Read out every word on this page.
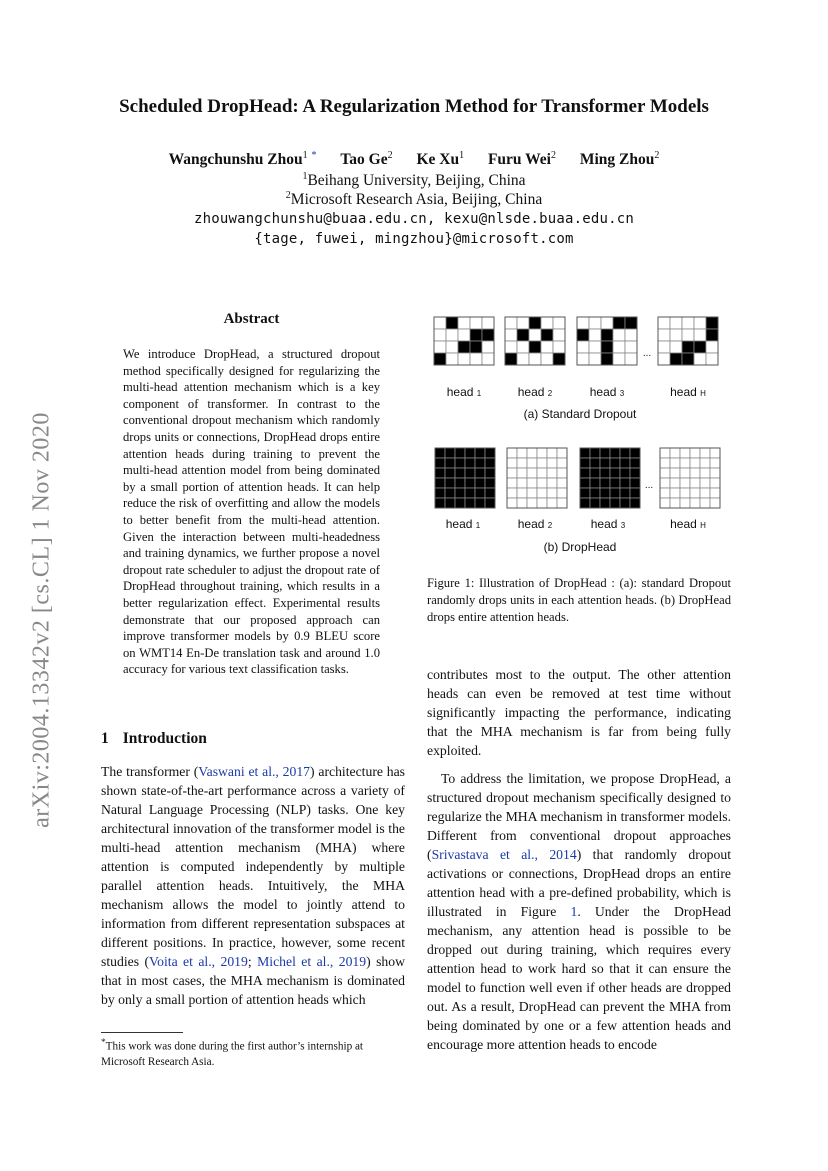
Scheduled DropHead: A Regularization Method for Transformer Models
Wangchunshu Zhou$^1$ * Tao Ge$^2$ Ke Xu$^1$ Furu Wei$^2$ Ming Zhou$^2$
$^1$Beihang University, Beijing, China
$^2$Microsoft Research Asia, Beijing, China
zhouwangchunshu@buaa.edu.cn, kexu@nlsde.buaa.edu.cn
{tage, fuwei, mingzhou}@microsoft.com
arXiv:2004.13342v2 [cs.CL] 1 Nov 2020
Abstract
We introduce DropHead, a structured dropout method specifically designed for regularizing the multi-head attention mechanism which is a key component of transformer. In contrast to the conventional dropout mechanism which randomly drops units or connections, DropHead drops entire attention heads during training to prevent the multi-head attention model from being dominated by a small portion of attention heads. It can help reduce the risk of overfitting and allow the models to better benefit from the multi-head attention. Given the interaction between multi-headedness and training dynamics, we further propose a novel dropout rate scheduler to adjust the dropout rate of DropHead throughout training, which results in a better regularization effect. Experimental results demonstrate that our proposed approach can improve transformer models by 0.9 BLEU score on WMT14 En-De translation task and around 1.0 accuracy for various text classification tasks.
1 Introduction

The transformer (Vaswani et al., 2017) architecture has shown state-of-the-art performance across a variety of Natural Language Processing (NLP) tasks. One key architectural innovation of the transformer model is the multi-head attention mechanism (MHA) where attention is computed independently by multiple parallel attention heads. Intuitively, the MHA mechanism allows the model to jointly attend to information from different representation subspaces at different positions. In practice, however, some recent studies (Voita et al., 2019; Michel et al., 2019) show that in most cases, the MHA mechanism is dominated by only a small portion of attention heads which

*This work was done during the first author’s internship at Microsoft Research Asia.
head 1	head 2	head 3	head H
...
(a) Standard Dropout
head 1	head 2	head 3	head H
...
(b) DropHead
Figure 1: Illustration of DropHead : (a): standard Dropout randomly drops units in each attention heads. (b) DropHead drops entire attention heads.

contributes most to the output. The other attention heads can even be removed at test time without significantly impacting the performance, indicating that the MHA mechanism is far from being fully exploited.

To address the limitation, we propose DropHead, a structured dropout mechanism specifically designed to regularize the MHA mechanism in transformer models. Different from conventional dropout approaches (Srivastava et al., 2014) that randomly dropout activations or connections, DropHead drops an entire attention head with a pre-defined probability, which is illustrated in Figure 1. Under the DropHead mechanism, any attention head is possible to be dropped out during training, which requires every attention head to work hard so that it can ensure the model to function well even if other heads are dropped out. As a result, DropHead can prevent the MHA from being dominated by one or a few attention heads and encourage more attention heads to encode
